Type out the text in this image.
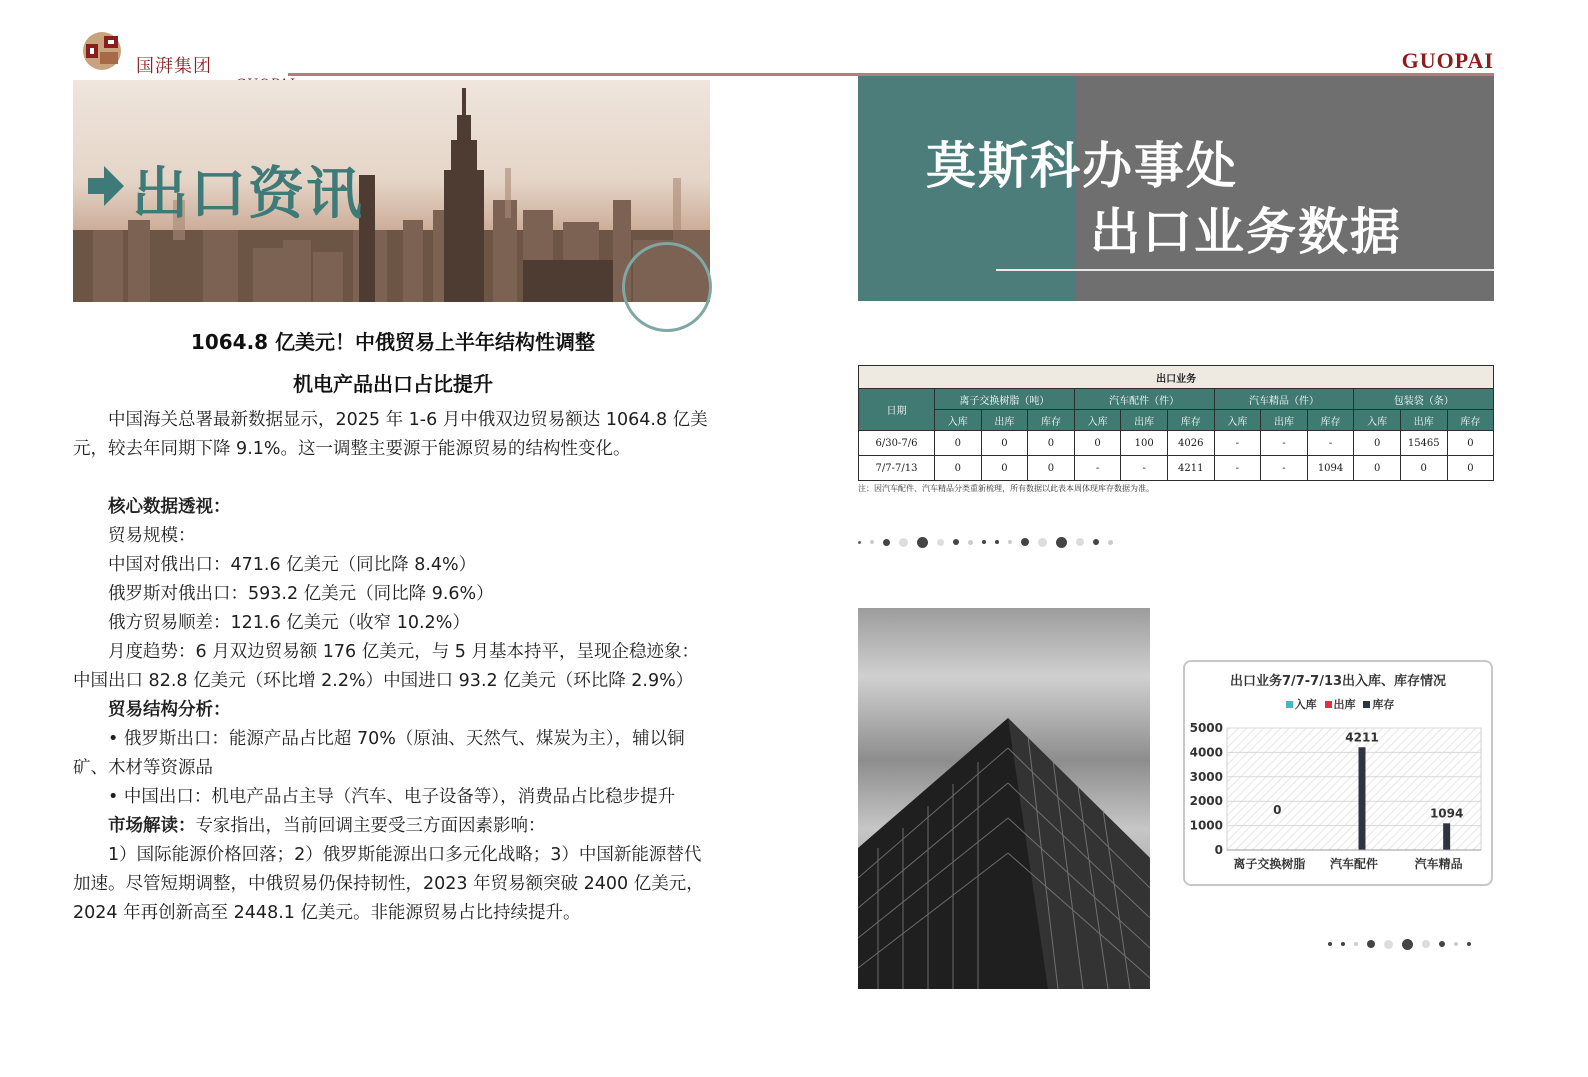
国湃集团	GUOPAI
出口资讯
1064.8 亿美元！中俄贸易上半年结构性调整
机电产品出口占比提升

中国海关总署最新数据显示，2025 年 1-6 月中俄双边贸易额达 1064.8 亿美元，较去年同期下降 9.1%。这一调整主要源于能源贸易的结构性变化。

核心数据透视：

贸易规模：

中国对俄出口：471.6 亿美元（同比降 8.4%）

俄罗斯对俄出口：593.2 亿美元（同比降 9.6%）

俄方贸易顺差：121.6 亿美元（收窄 10.2%）

月度趋势：6 月双边贸易额 176 亿美元，与 5 月基本持平，呈现企稳迹象：中国出口 82.8 亿美元（环比增 2.2%）中国进口 93.2 亿美元（环比降 2.9%）

贸易结构分析：

• 俄罗斯出口：能源产品占比超 70%（原油、天然气、煤炭为主），辅以铜矿、木材等资源品

• 中国出口：机电产品占主导（汽车、电子设备等），消费品占比稳步提升

市场解读：专家指出，当前回调主要受三方面因素影响：

1）国际能源价格回落；2）俄罗斯能源出口多元化战略；3）中国新能源替代加速。尽管短期调整，中俄贸易仍保持韧性，2023 年贸易额突破 2400 亿美元，2024 年再创新高至 2448.1 亿美元。非能源贸易占比持续提升。

莫斯科办事处
出口业务数据
出口业务												
日期	离子交换树脂（吨）			汽车配件（件）			汽车精品（件）			包装袋（条）		
	入库	出库	库存	入库	出库	库存	入库	出库	库存	入库	出库	库存
6/30-7/6	0	0	0	0	100	4026	-	-	-	0	15465	0
7/7-7/13	0	0	0	-	-	4211	-	-	1094	0	0	0
注：因汽车配件、汽车精品分类重新梳理，所有数据以此表本周体现库存数据为准。
出口业务7/7-7/13出入库、库存情况
入库 出库 库存
0
1000
2000
3000
4000
5000
0
离子交换树脂
4211
汽车配件
1094
汽车精品
